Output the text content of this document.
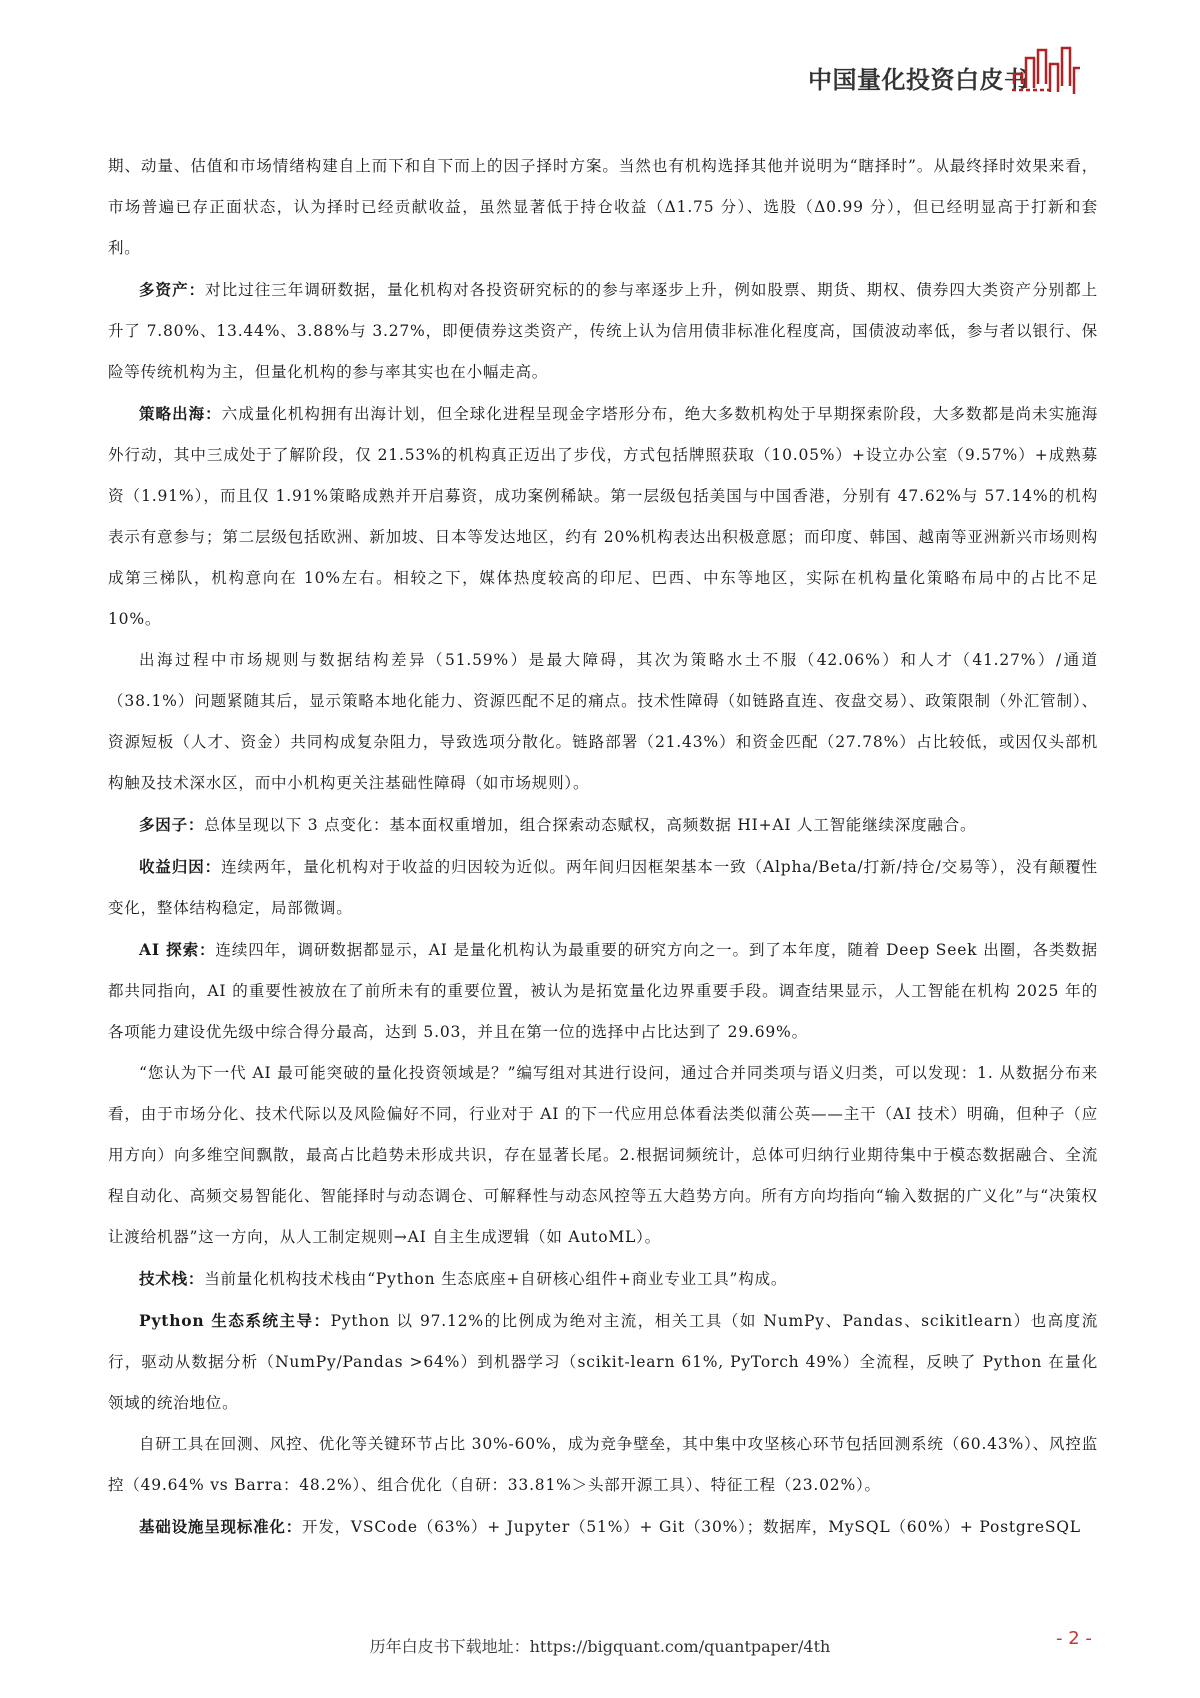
中国量化投资白皮书

期、动量、估值和市场情绪构建自上而下和自下而上的因子择时方案。当然也有机构选择其他并说明为“瞎择时”。从最终择时效果来看，市场普遍已存正面状态，认为择时已经贡献收益，虽然显著低于持仓收益（Δ1.75 分）、选股（Δ0.99 分），但已经明显高于打新和套利。

多资产：对比过往三年调研数据，量化机构对各投资研究标的的参与率逐步上升，例如股票、期货、期权、债券四大类资产分别都上升了 7.80%、13.44%、3.88%与 3.27%，即便债券这类资产，传统上认为信用债非标准化程度高，国债波动率低，参与者以银行、保险等传统机构为主，但量化机构的参与率其实也在小幅走高。

策略出海：六成量化机构拥有出海计划，但全球化进程呈现金字塔形分布，绝大多数机构处于早期探索阶段，大多数都是尚未实施海外行动，其中三成处于了解阶段，仅 21.53%的机构真正迈出了步伐，方式包括牌照获取（10.05%）+设立办公室（9.57%）+成熟募资（1.91%），而且仅 1.91%策略成熟并开启募资，成功案例稀缺。第一层级包括美国与中国香港，分别有 47.62%与 57.14%的机构表示有意参与；第二层级包括欧洲、新加坡、日本等发达地区，约有 20%机构表达出积极意愿；而印度、韩国、越南等亚洲新兴市场则构成第三梯队，机构意向在 10%左右。相较之下，媒体热度较高的印尼、巴西、中东等地区，实际在机构量化策略布局中的占比不足 10%。

出海过程中市场规则与数据结构差异（51.59%）是最大障碍，其次为策略水土不服（42.06%）和人才（41.27%）/通道（38.1%）问题紧随其后，显示策略本地化能力、资源匹配不足的痛点。技术性障碍（如链路直连、夜盘交易）、政策限制（外汇管制）、资源短板（人才、资金）共同构成复杂阻力，导致选项分散化。链路部署（21.43%）和资金匹配（27.78%）占比较低，或因仅头部机构触及技术深水区，而中小机构更关注基础性障碍（如市场规则）。

多因子：总体呈现以下 3 点变化：基本面权重增加，组合探索动态赋权，高频数据 HI+AI 人工智能继续深度融合。

收益归因：连续两年，量化机构对于收益的归因较为近似。两年间归因框架基本一致（Alpha/Beta/打新/持仓/交易等），没有颠覆性变化，整体结构稳定，局部微调。

AI 探索：连续四年，调研数据都显示，AI 是量化机构认为最重要的研究方向之一。到了本年度，随着 Deep Seek 出圈，各类数据都共同指向，AI 的重要性被放在了前所未有的重要位置，被认为是拓宽量化边界重要手段。调查结果显示，人工智能在机构 2025 年的各项能力建设优先级中综合得分最高，达到 5.03，并且在第一位的选择中占比达到了 29.69%。

“您认为下一代 AI 最可能突破的量化投资领域是？”编写组对其进行设问，通过合并同类项与语义归类，可以发现：1. 从数据分布来看，由于市场分化、技术代际以及风险偏好不同，行业对于 AI 的下一代应用总体看法类似蒲公英——主干（AI 技术）明确，但种子（应用方向）向多维空间飘散，最高占比趋势未形成共识，存在显著长尾。2.根据词频统计，总体可归纳行业期待集中于模态数据融合、全流程自动化、高频交易智能化、智能择时与动态调仓、可解释性与动态风控等五大趋势方向。所有方向均指向“输入数据的广义化”与“决策权让渡给机器”这一方向，从人工制定规则→AI 自主生成逻辑（如 AutoML）。

技术栈：当前量化机构技术栈由“Python 生态底座+自研核心组件+商业专业工具”构成。

Python 生态系统主导：Python 以 97.12%的比例成为绝对主流，相关工具（如 NumPy、Pandas、scikitlearn）也高度流行，驱动从数据分析（NumPy/Pandas >64%）到机器学习（scikit-learn 61%, PyTorch 49%）全流程，反映了 Python 在量化领域的统治地位。

自研工具在回测、风控、优化等关键环节占比 30%-60%，成为竞争壁垒，其中集中攻坚核心环节包括回测系统（60.43%）、风控监控（49.64% vs Barra：48.2%）、组合优化（自研：33.81%＞头部开源工具）、特征工程（23.02%）。

基础设施呈现标准化：开发，VSCode（63%）+ Jupyter（51%）+ Git（30%）；数据库，MySQL（60%）+ PostgreSQL

历年白皮书下载地址：https://bigquant.com/quantpaper/4th	- 2 -
